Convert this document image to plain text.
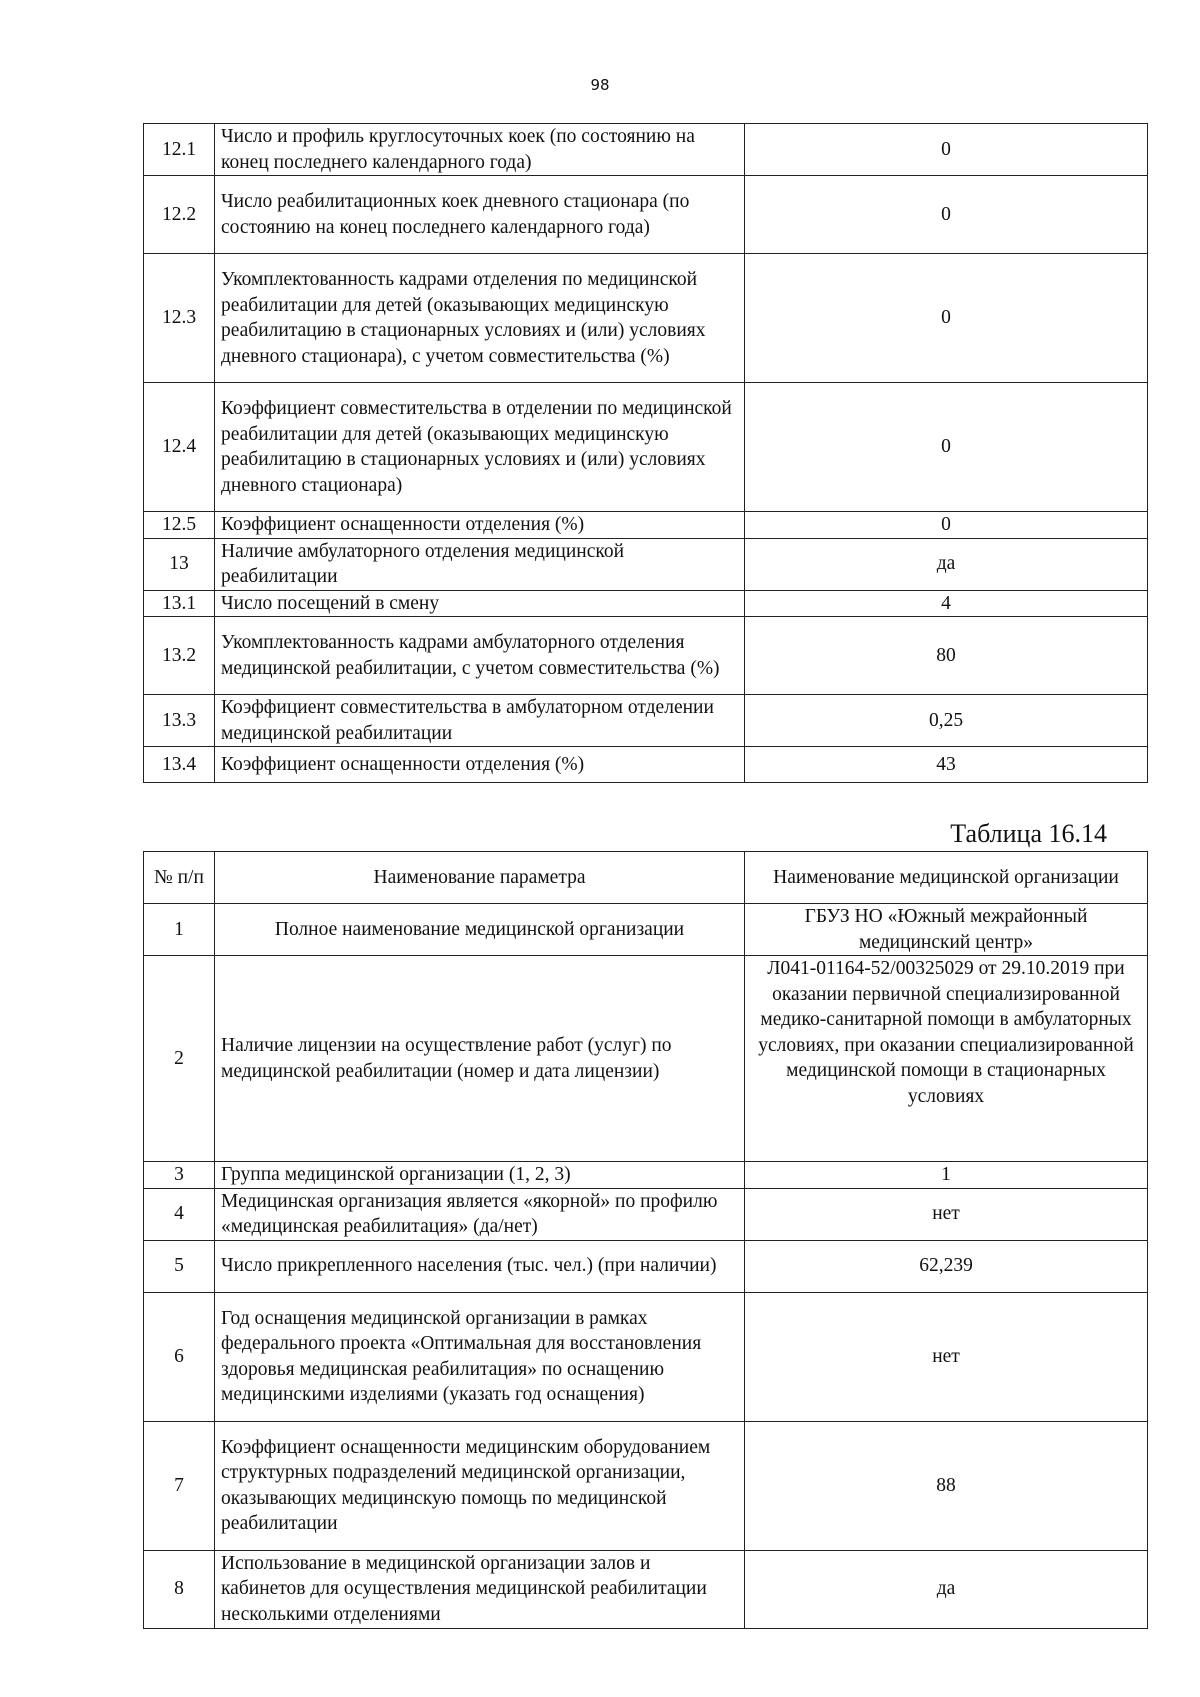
98
12.1	Число и профиль круглосуточных коек (по состоянию на конец последнего календарного года)	0
12.2	Число реабилитационных коек дневного стационара (по состоянию на конец последнего календарного года)	0
12.3	Укомплектованность кадрами отделения по медицинской реабилитации для детей (оказывающих медицинскую реабилитацию в стационарных условиях и (или) условиях дневного стационара), с учетом совместительства (%)	0
12.4	Коэффициент совместительства в отделении по медицинской реабилитации для детей (оказывающих медицинскую реабилитацию в стационарных условиях и (или) условиях дневного стационара)	0
12.5	Коэффициент оснащенности отделения (%)	0
13	Наличие амбулаторного отделения медицинской реабилитации	да
13.1	Число посещений в смену	4
13.2	Укомплектованность кадрами амбулаторного отделения медицинской реабилитации, с учетом совместительства (%)	80
13.3	Коэффициент совместительства в амбулаторном отделении медицинской реабилитации	0,25
13.4	Коэффициент оснащенности отделения (%)	43
Таблица 16.14
№ п/п	Наименование параметра	Наименование медицинской организации
1	Полное наименование медицинской организации	ГБУЗ НО «Южный межрайонный медицинский центр»
2	Наличие лицензии на осуществление работ (услуг) по медицинской реабилитации (номер и дата лицензии)	Л041-01164-52/00325029 от 29.10.2019 при оказании первичной специализированной медико-санитарной помощи в амбулаторных условиях, при оказании специализированной медицинской помощи в стационарных условиях
3	Группа медицинской организации (1, 2, 3)	1
4	Медицинская организация является «якорной» по профилю «медицинская реабилитация» (да/нет)	нет
5	Число прикрепленного населения (тыс. чел.) (при наличии)	62,239
6	Год оснащения медицинской организации в рамках федерального проекта «Оптимальная для восстановления здоровья медицинская реабилитация» по оснащению медицинскими изделиями (указать год оснащения)	нет
7	Коэффициент оснащенности медицинским оборудованием структурных подразделений медицинской организации, оказывающих медицинскую помощь по медицинской реабилитации	88
8	Использование в медицинской организации залов и кабинетов для осуществления медицинской реабилитации несколькими отделениями	да
